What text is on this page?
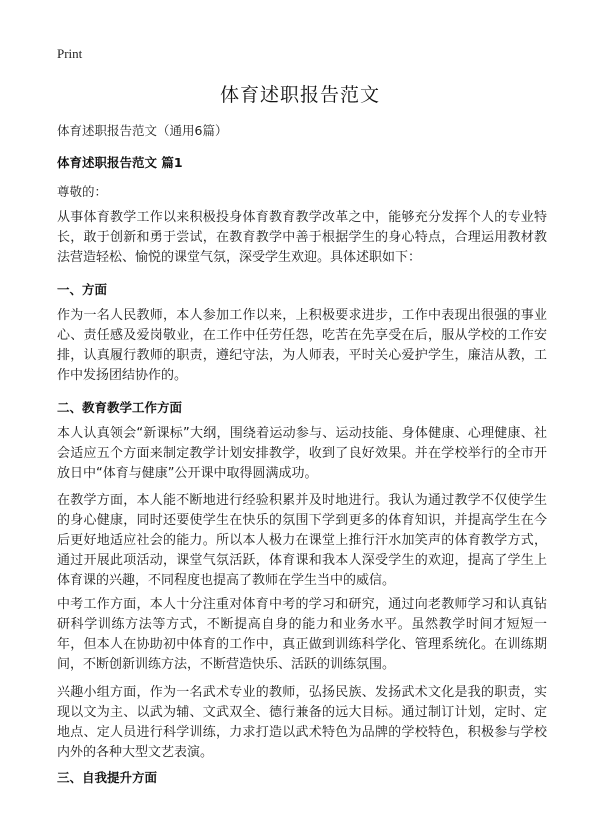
Print
体育述职报告范文
体育述职报告范文（通用6篇）
体育述职报告范文 篇1
尊敬的：

从事体育教学工作以来积极投身体育教育教学改革之中，能够充分发挥个人的专业特长，敢于创新和勇于尝试，在教育教学中善于根据学生的身心特点，合理运用教材教法营造轻松、愉悦的课堂气氛，深受学生欢迎。具体述职如下：

一、方面

作为一名人民教师，本人参加工作以来，上积极要求进步，工作中表现出很强的事业心、责任感及爱岗敬业，在工作中任劳任怨，吃苦在先享受在后，服从学校的工作安排，认真履行教师的职责，遵纪守法，为人师表，平时关心爱护学生，廉洁从教，工作中发扬团结协作的。

二、教育教学工作方面

本人认真领会“新课标”大纲，围绕着运动参与、运动技能、身体健康、心理健康、社会适应五个方面来制定教学计划安排教学，收到了良好效果。并在学校举行的全市开放日中“体育与健康”公开课中取得圆满成功。

在教学方面，本人能不断地进行经验积累并及时地进行。我认为通过教学不仅使学生的身心健康，同时还要使学生在快乐的氛围下学到更多的体育知识，并提高学生在今后更好地适应社会的能力。所以本人极力在课堂上推行汗水加笑声的体育教学方式，通过开展此项活动，课堂气氛活跃，体育课和我本人深受学生的欢迎，提高了学生上体育课的兴趣，不同程度也提高了教师在学生当中的威信。

中考工作方面，本人十分注重对体育中考的学习和研究，通过向老教师学习和认真钻研科学训练方法等方式，不断提高自身的能力和业务水平。虽然教学时间才短短一年，但本人在协助初中体育的工作中，真正做到训练科学化、管理系统化。在训练期间，不断创新训练方法，不断营造快乐、活跃的训练氛围。

兴趣小组方面，作为一名武术专业的教师，弘扬民族、发扬武术文化是我的职责，实现以文为主、以武为辅、文武双全、德行兼备的远大目标。通过制订计划，定时、定地点、定人员进行科学训练，力求打造以武术特色为品牌的学校特色，积极参与学校内外的各种大型文艺表演。

三、自我提升方面
